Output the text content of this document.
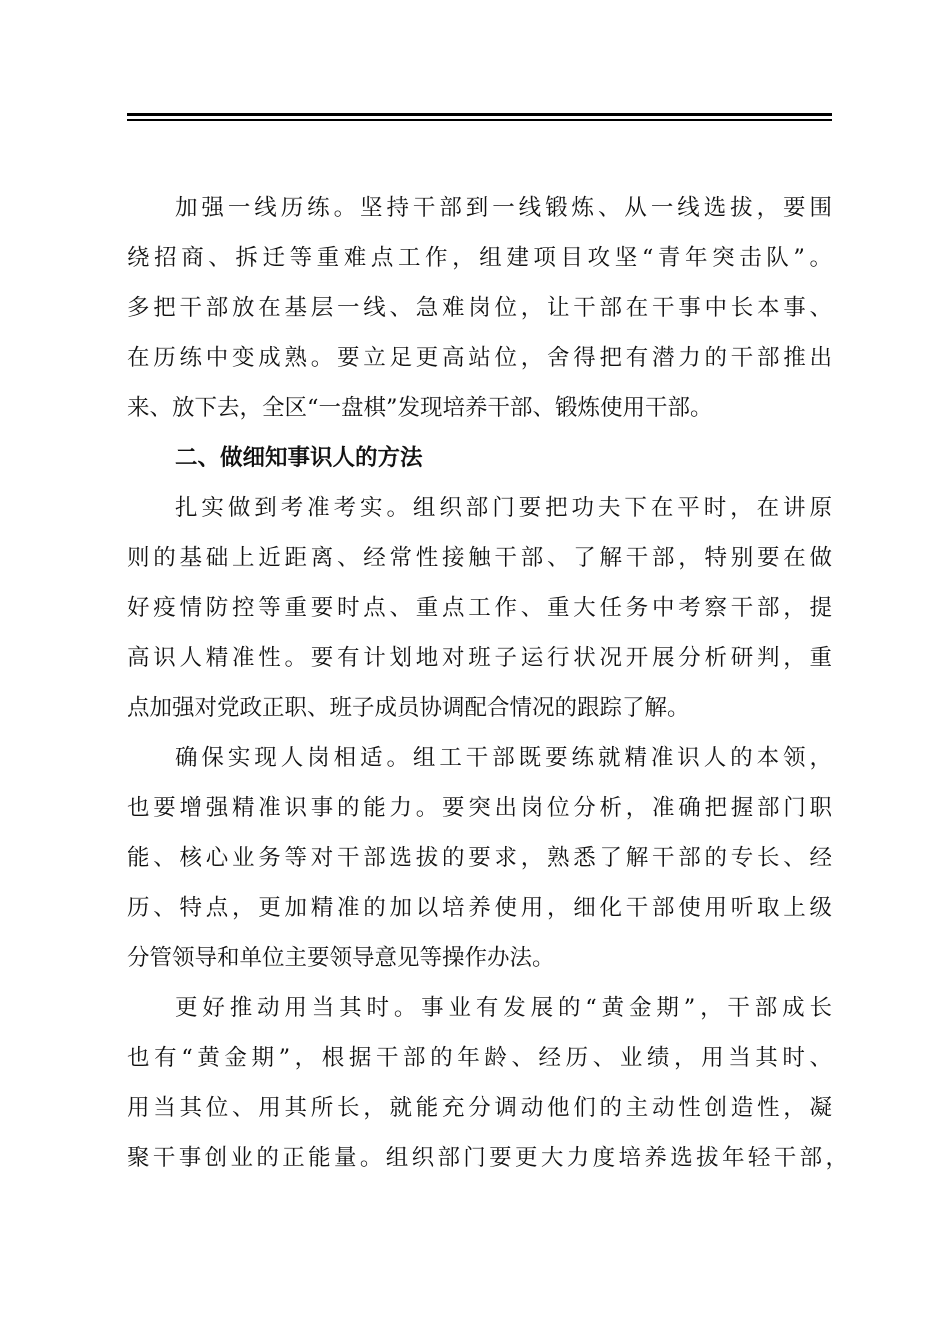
加强一线历练。坚持干部到一线锻炼、从一线选拔，要围
绕招商、拆迁等重难点工作，组建项目攻坚“青年突击队”。
多把干部放在基层一线、急难岗位，让干部在干事中长本事、
在历练中变成熟。要立足更高站位，舍得把有潜力的干部推出
来、放下去，全区“一盘棋”发现培养干部、锻炼使用干部。
二、做细知事识人的方法
扎实做到考准考实。组织部门要把功夫下在平时，在讲原
则的基础上近距离、经常性接触干部、了解干部，特别要在做
好疫情防控等重要时点、重点工作、重大任务中考察干部，提
高识人精准性。要有计划地对班子运行状况开展分析研判，重
点加强对党政正职、班子成员协调配合情况的跟踪了解。
确保实现人岗相适。组工干部既要练就精准识人的本领，
也要增强精准识事的能力。要突出岗位分析，准确把握部门职
能、核心业务等对干部选拔的要求，熟悉了解干部的专长、经
历、特点，更加精准的加以培养使用，细化干部使用听取上级
分管领导和单位主要领导意见等操作办法。
更好推动用当其时。事业有发展的“黄金期”，干部成长
也有“黄金期”，根据干部的年龄、经历、业绩，用当其时、
用当其位、用其所长，就能充分调动他们的主动性创造性，凝
聚干事创业的正能量。组织部门要更大力度培养选拔年轻干部，
